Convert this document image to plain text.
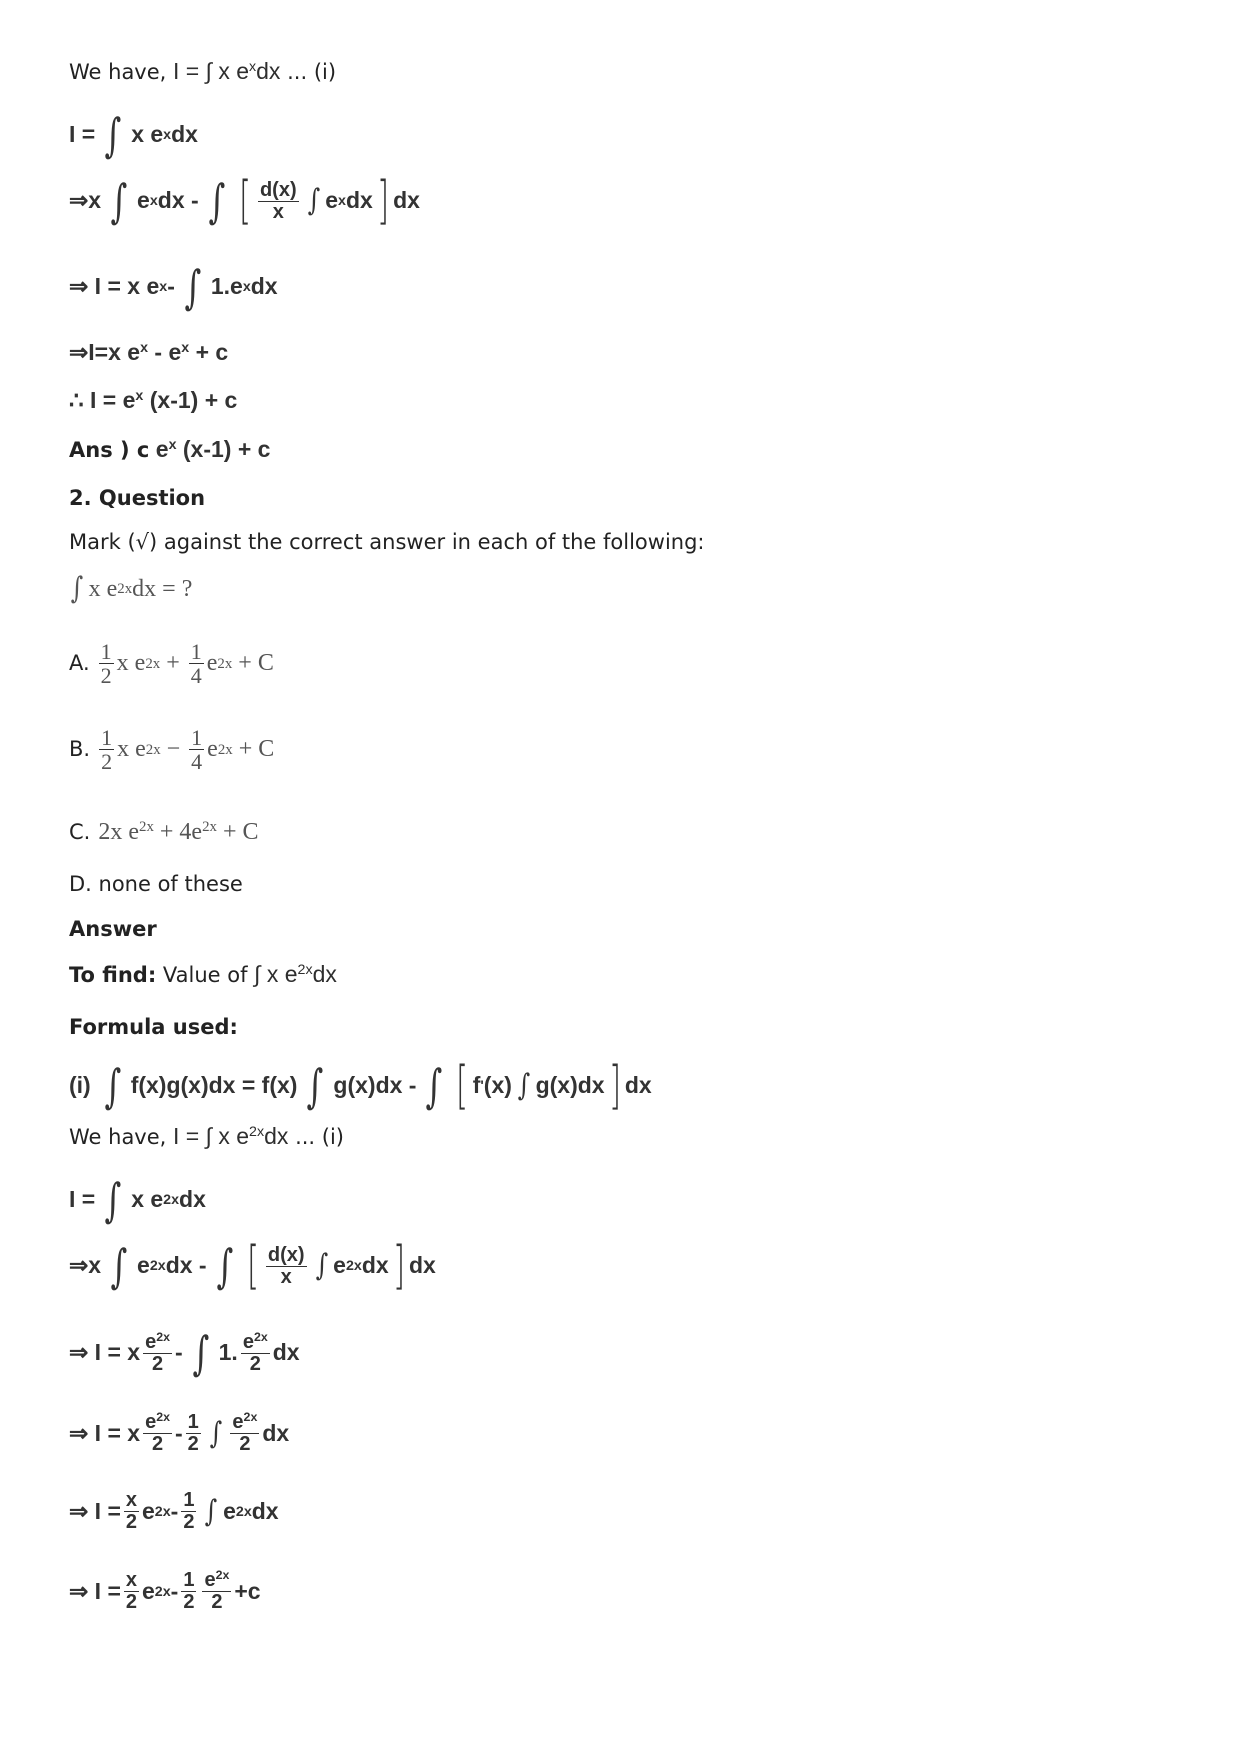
We have, I = ∫ x $e^xdx$ ... (i)
I = ∫ x e x dx
⇒x ∫ e x dx - ∫ [ $\frac{d(x)}{x}$ ∫ e x dx ] dx
⇒ I = x e x - ∫ 1.e x dx
⇒I=x $e^x - e^x + c$
∴ $I = e^x$ (x-1) + c
Ans ) c $e^x$ (x-1) + c
2. Question
Mark (√) against the correct answer in each of the following:
∫ x e 2x dx = ?
A. $\frac{1}{2}$ x e $2x + \frac{1}{4}$ e 2x + C
B. $\frac{1}{2}$ x e $2x - \frac{1}{4}$ e 2x + C
C. 2x $e^{2x} + 4e^{2x} + C$
D. none of these
Answer
To find: Value of ∫ x $e^{2x}dx$
Formula used:
(i) ∫ f(x)g(x)dx = f(x) ∫ g(x)dx - ∫ [ f ' (x) ∫ g(x)dx ] dx
We have, I = ∫ x $e^{2x}dx$ ... (i)
I = ∫ x e 2x dx
⇒x ∫ e 2x dx - ∫ [ $\frac{d(x)}{x}$ ∫ e 2x dx ] dx
⇒ I = x $\frac{e^{2x}}{2}$ - ∫ 1. $\frac{e^{2x}}{2}$ dx
⇒ I = x $\frac{e^{2x}}{2} - \frac{1}{2}$ ∫ $\frac{e^{2x}}{2}$ dx
⇒ $I = \frac{x}{2}$ e $2x - \frac{1}{2}$ ∫ e 2x dx
⇒ $I = \frac{x}{2}$ e $2x - \frac{1}{2} \frac{e^{2x}}{2} +c$
